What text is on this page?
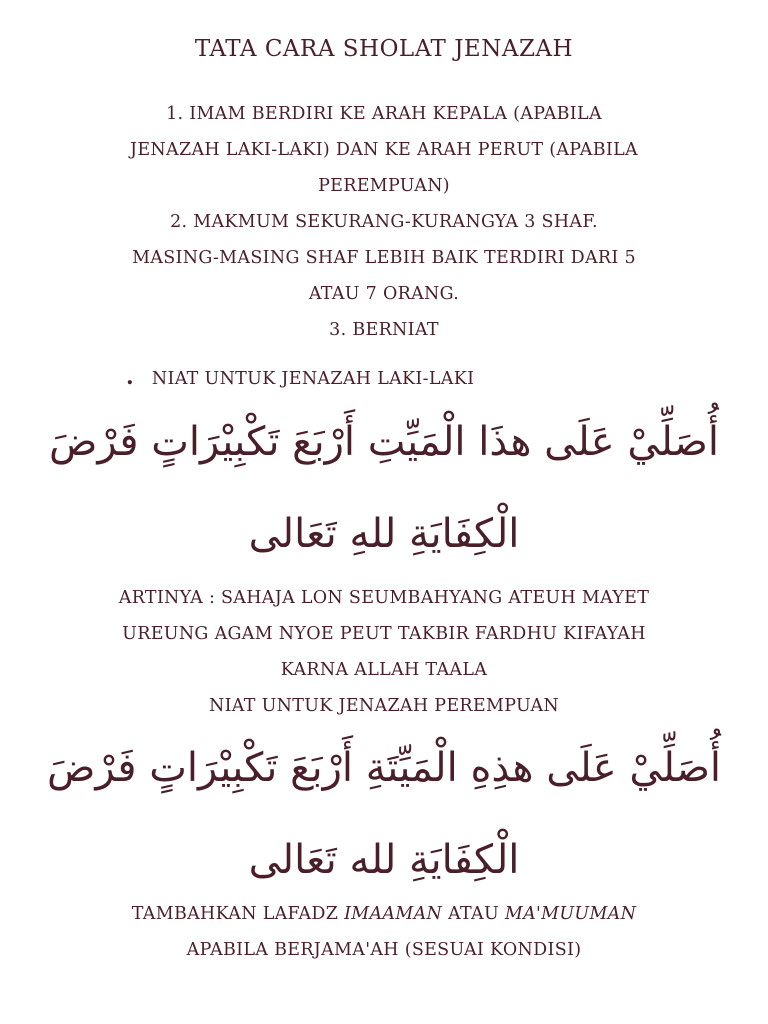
TATA CARA SHOLAT JENAZAH

1. IMAM BERDIRI KE ARAH KEPALA (APABILA

JENAZAH LAKI-LAKI) DAN KE ARAH PERUT (APABILA

PEREMPUAN)

2. MAKMUM SEKURANG-KURANGYA 3 SHAF.

MASING-MASING SHAF LEBIH BAIK TERDIRI DARI 5

ATAU 7 ORANG.

3. BERNIAT

. NIAT UNTUK JENAZAH LAKI-LAKI

أُصَلِّيْ عَلَى هذَا الْمَيِّتِ أَرْبَعَ تَكْبِيْرَاتٍ فَرْضَ

الْكِفَايَةِ للهِ تَعَالى

ARTINYA : SAHAJA LON SEUMBAHYANG ATEUH MAYET

UREUNG AGAM NYOE PEUT TAKBIR FARDHU KIFAYAH

KARNA ALLAH TAALA

NIAT UNTUK JENAZAH PEREMPUAN

أُصَلِّيْ عَلَى هذِهِ الْمَيِّتَةِ أَرْبَعَ تَكْبِيْرَاتٍ فَرْضَ

الْكِفَايَةِ لله تَعَالى

TAMBAHKAN LAFADZ IMAAMAN ATAU MA'MUUMAN

APABILA BERJAMA'AH (SESUAI KONDISI)
